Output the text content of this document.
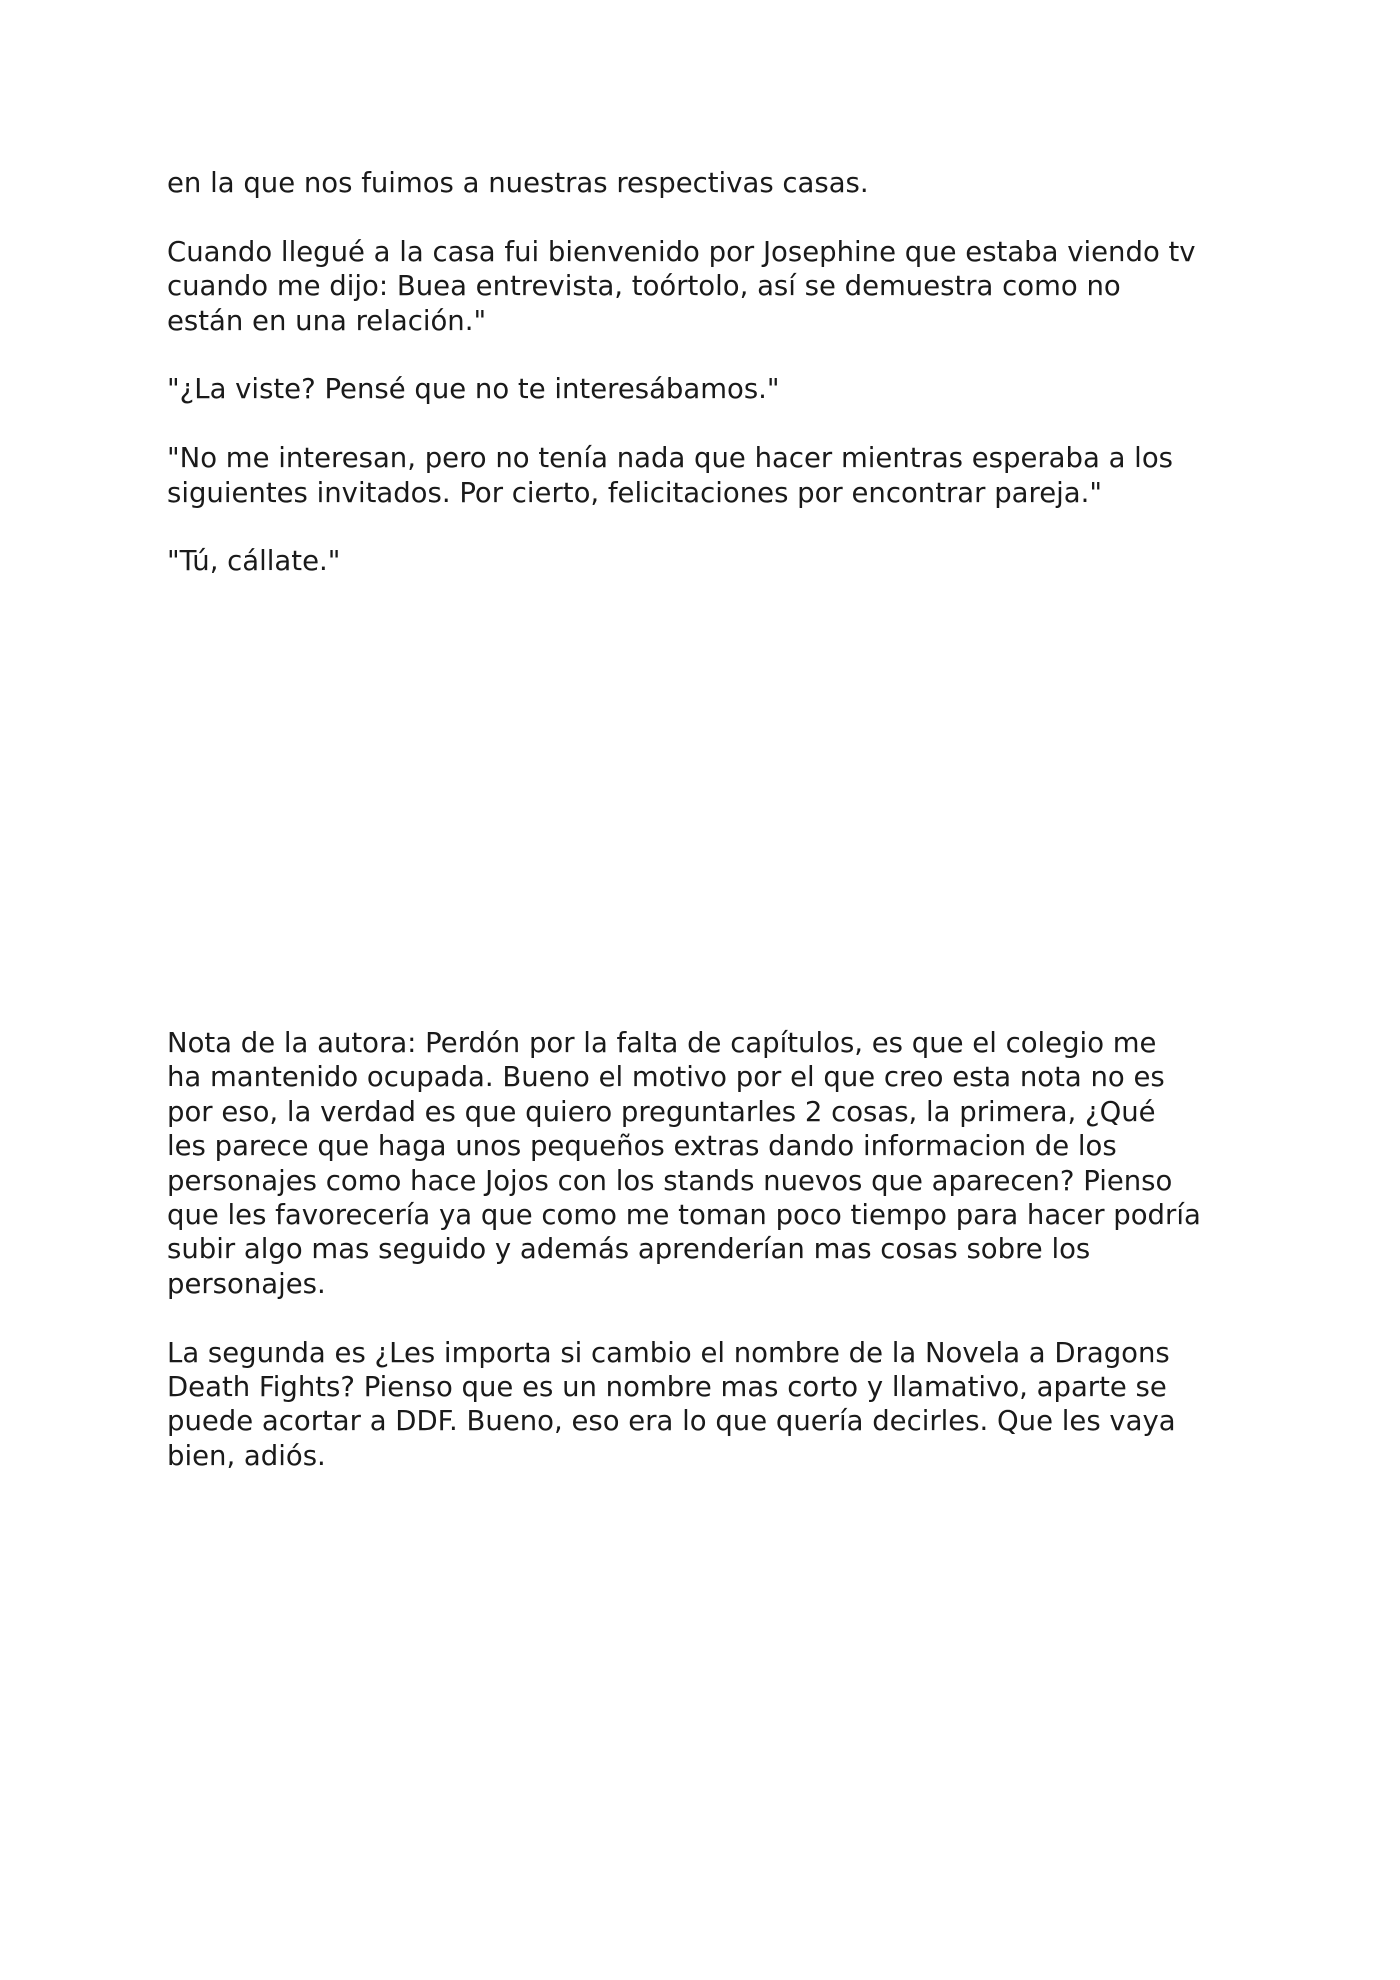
en la que nos fuimos a nuestras respectivas casas.

Cuando llegué a la casa fui bienvenido por Josephine que estaba viendo tv

cuando me dijo: Buea entrevista, toórtolo, así se demuestra como no

están en una relación."

"¿La viste? Pensé que no te interesábamos."

"No me interesan, pero no tenía nada que hacer mientras esperaba a los

siguientes invitados. Por cierto, felicitaciones por encontrar pareja."

"Tú, cállate."

Nota de la autora: Perdón por la falta de capítulos, es que el colegio me

ha mantenido ocupada. Bueno el motivo por el que creo esta nota no es

por eso, la verdad es que quiero preguntarles 2 cosas, la primera, ¿Qué

les parece que haga unos pequeños extras dando informacion de los

personajes como hace Jojos con los stands nuevos que aparecen? Pienso

que les favorecería ya que como me toman poco tiempo para hacer podría

subir algo mas seguido y además aprenderían mas cosas sobre los

personajes.

La segunda es ¿Les importa si cambio el nombre de la Novela a Dragons

Death Fights? Pienso que es un nombre mas corto y llamativo, aparte se

puede acortar a DDF. Bueno, eso era lo que quería decirles. Que les vaya

bien, adiós.
